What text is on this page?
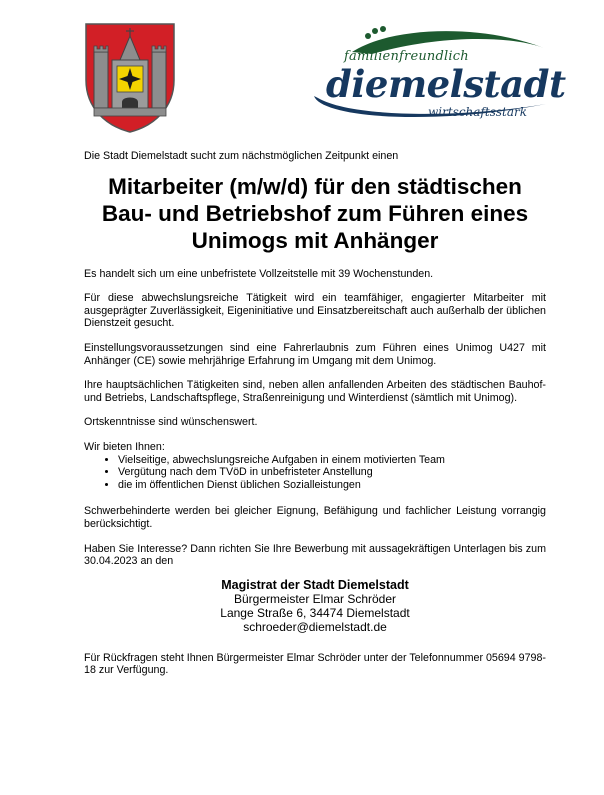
familienfreundlich
diemelstadt
wirtschaftsstark

Die Stadt Diemelstadt sucht zum nächstmöglichen Zeitpunkt einen

Mitarbeiter (m/w/d) für den städtischen Bau- und Betriebshof zum Führen eines Unimogs mit Anhänger

Es handelt sich um eine unbefristete Vollzeitstelle mit 39 Wochenstunden.

Für diese abwechslungsreiche Tätigkeit wird ein teamfähiger, engagierter Mitarbeiter mit ausgeprägter Zuverlässigkeit, Eigeninitiative und Einsatzbereitschaft auch außerhalb der üblichen Dienstzeit gesucht.

Einstellungsvoraussetzungen sind eine Fahrerlaubnis zum Führen eines Unimog U427 mit Anhänger (CE) sowie mehrjährige Erfahrung im Umgang mit dem Unimog.

Ihre hauptsächlichen Tätigkeiten sind, neben allen anfallenden Arbeiten des städtischen Bauhof- und Betriebs, Landschaftspflege, Straßenreinigung und Winterdienst (sämtlich mit Unimog).

Ortskenntnisse sind wünschenswert.

Wir bieten Ihnen:

• Vielseitige, abwechslungsreiche Aufgaben in einem motivierten Team
• Vergütung nach dem TVöD in unbefristeter Anstellung
• die im öffentlichen Dienst üblichen Sozialleistungen

Schwerbehinderte werden bei gleicher Eignung, Befähigung und fachlicher Leistung vorrangig berücksichtigt.

Haben Sie Interesse? Dann richten Sie Ihre Bewerbung mit aussagekräftigen Unterlagen bis zum 30.04.2023 an den

Magistrat der Stadt Diemelstadt
Bürgermeister Elmar Schröder
Lange Straße 6, 34474 Diemelstadt
schroeder@diemelstadt.de

Für Rückfragen steht Ihnen Bürgermeister Elmar Schröder unter der Telefonnummer 05694 9798-18 zur Verfügung.
